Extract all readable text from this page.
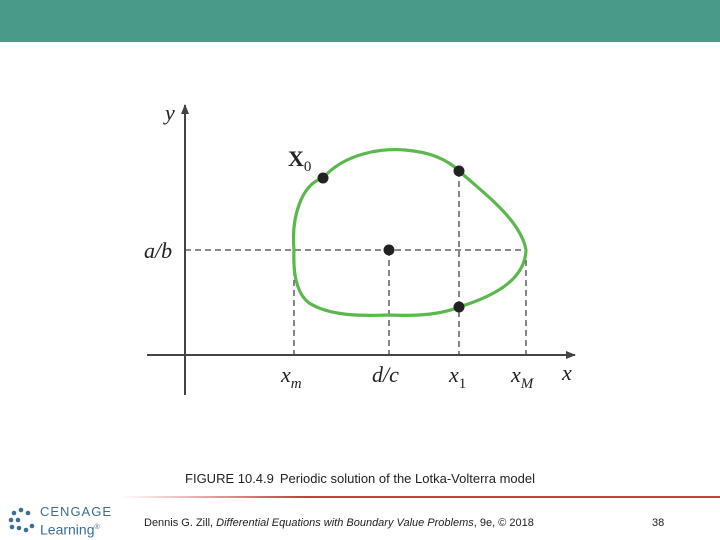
y
x
$X_0$
a/b
$x_m$	d/c $x_1$ $x_M$
FIGURE 10.4.9 Periodic solution of the Lotka-Volterra model
CENGAGE
Learning®	Dennis G. Zill, Differential Equations with Boundary Value Problems, 9e, © 2018	38
